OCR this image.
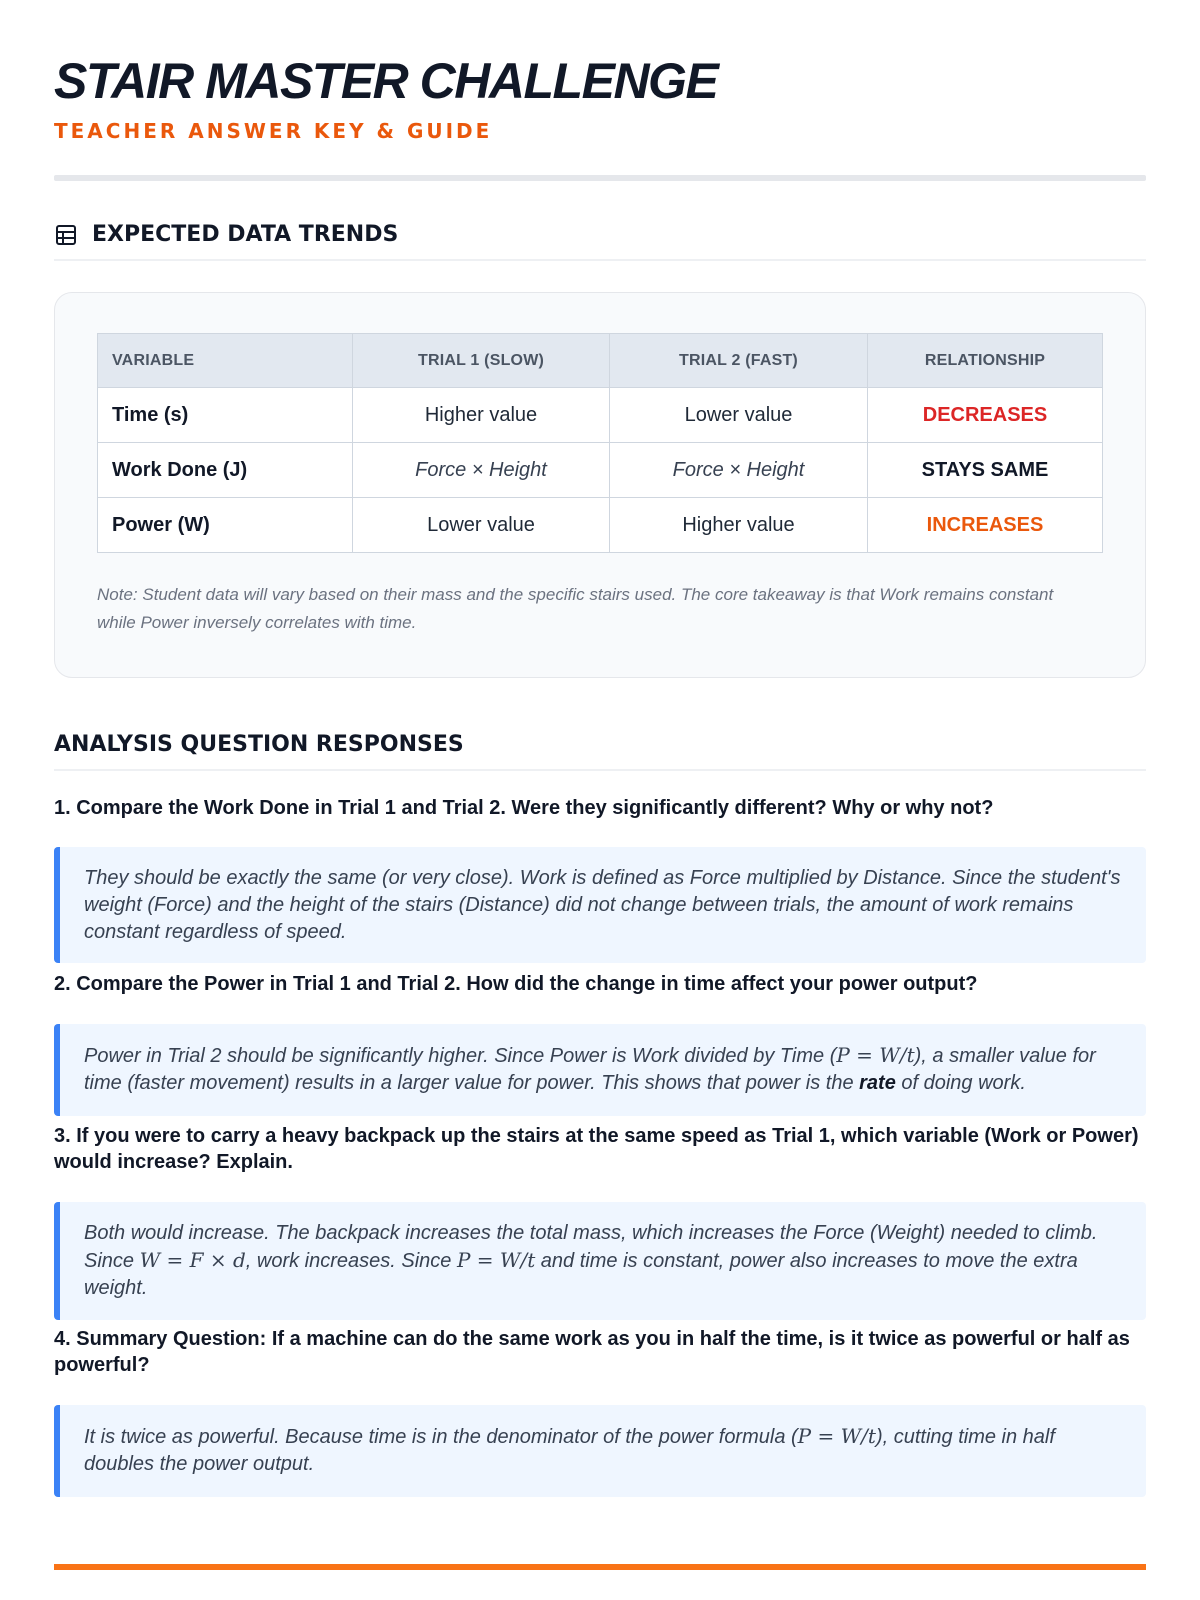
STAIR MASTER CHALLENGE
TEACHER ANSWER KEY & GUIDE
EXPECTED DATA TRENDS
VARIABLE	TRIAL 1 (SLOW)	TRIAL 2 (FAST)	RELATIONSHIP
Time (s)	Higher value	Lower value	DECREASES
Work Done (J)	Force × Height	Force × Height	STAYS SAME
Power (W)	Lower value	Higher value	INCREASES

Note: Student data will vary based on their mass and the specific stairs used. The core takeaway is that Work remains constant while Power inversely correlates with time.

ANALYSIS QUESTION RESPONSES
1. Compare the Work Done in Trial 1 and Trial 2. Were they significantly different? Why or why not?
They should be exactly the same (or very close). Work is defined as Force multiplied by Distance. Since the student's weight (Force) and the height of the stairs (Distance) did not change between trials, the amount of work remains constant regardless of speed.
2. Compare the Power in Trial 1 and Trial 2. How did the change in time affect your power output?
Power in Trial 2 should be significantly higher. Since Power is Work divided by Time (P = W/t), a smaller value for time (faster movement) results in a larger value for power. This shows that power is the rate of doing work.
3. If you were to carry a heavy backpack up the stairs at the same speed as Trial 1, which variable (Work or Power) would increase? Explain.
Both would increase. The backpack increases the total mass, which increases the Force (Weight) needed to climb. Since W = F × d, work increases. Since P = W/t and time is constant, power also increases to move the extra weight.
4. Summary Question: If a machine can do the same work as you in half the time, is it twice as powerful or half as powerful?
It is twice as powerful. Because time is in the denominator of the power formula (P = W/t), cutting time in half doubles the power output.
